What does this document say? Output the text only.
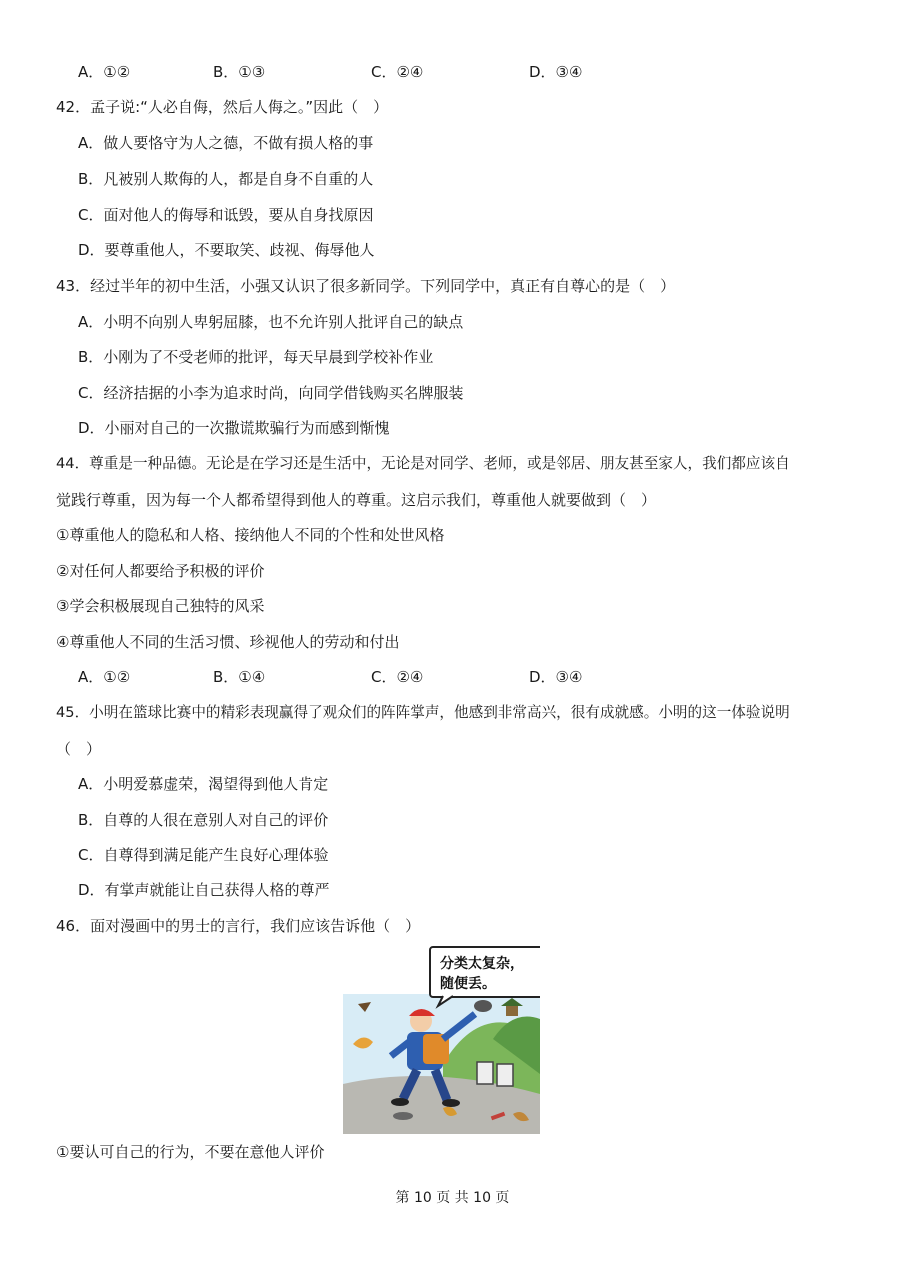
A．①②	B．①③	C．②④	D．③④
42．孟子说:“人必自侮，然后人侮之。”因此（　）
A．做人要恪守为人之德，不做有损人格的事
B．凡被别人欺侮的人，都是自身不自重的人
C．面对他人的侮辱和诋毁，要从自身找原因
D．要尊重他人，不要取笑、歧视、侮辱他人
43．经过半年的初中生活，小强又认识了很多新同学。下列同学中，真正有自尊心的是（　）
A．小明不向别人卑躬屈膝，也不允许别人批评自己的缺点
B．小刚为了不受老师的批评，每天早晨到学校补作业
C．经济拮据的小李为追求时尚，向同学借钱购买名牌服装
D．小丽对自己的一次撒谎欺骗行为而感到惭愧
44．尊重是一种品德。无论是在学习还是生活中，无论是对同学、老师，或是邻居、朋友甚至家人，我们都应该自
觉践行尊重，因为每一个人都希望得到他人的尊重。这启示我们，尊重他人就要做到（　）
①尊重他人的隐私和人格、接纳他人不同的个性和处世风格
②对任何人都要给予积极的评价
③学会积极展现自己独特的风采
④尊重他人不同的生活习惯、珍视他人的劳动和付出
A．①②	B．①④	C．②④	D．③④
45．小明在篮球比赛中的精彩表现赢得了观众们的阵阵掌声，他感到非常高兴，很有成就感。小明的这一体验说明
（　）
A．小明爱慕虚荣，渴望得到他人肯定
B．自尊的人很在意别人对自己的评价
C．自尊得到满足能产生良好心理体验
D．有掌声就能让自己获得人格的尊严
46．面对漫画中的男士的言行，我们应该告诉他（　）
分类太复杂，
随便丢。
①要认可自己的行为，不要在意他人评价
第 10 页 共 10 页
